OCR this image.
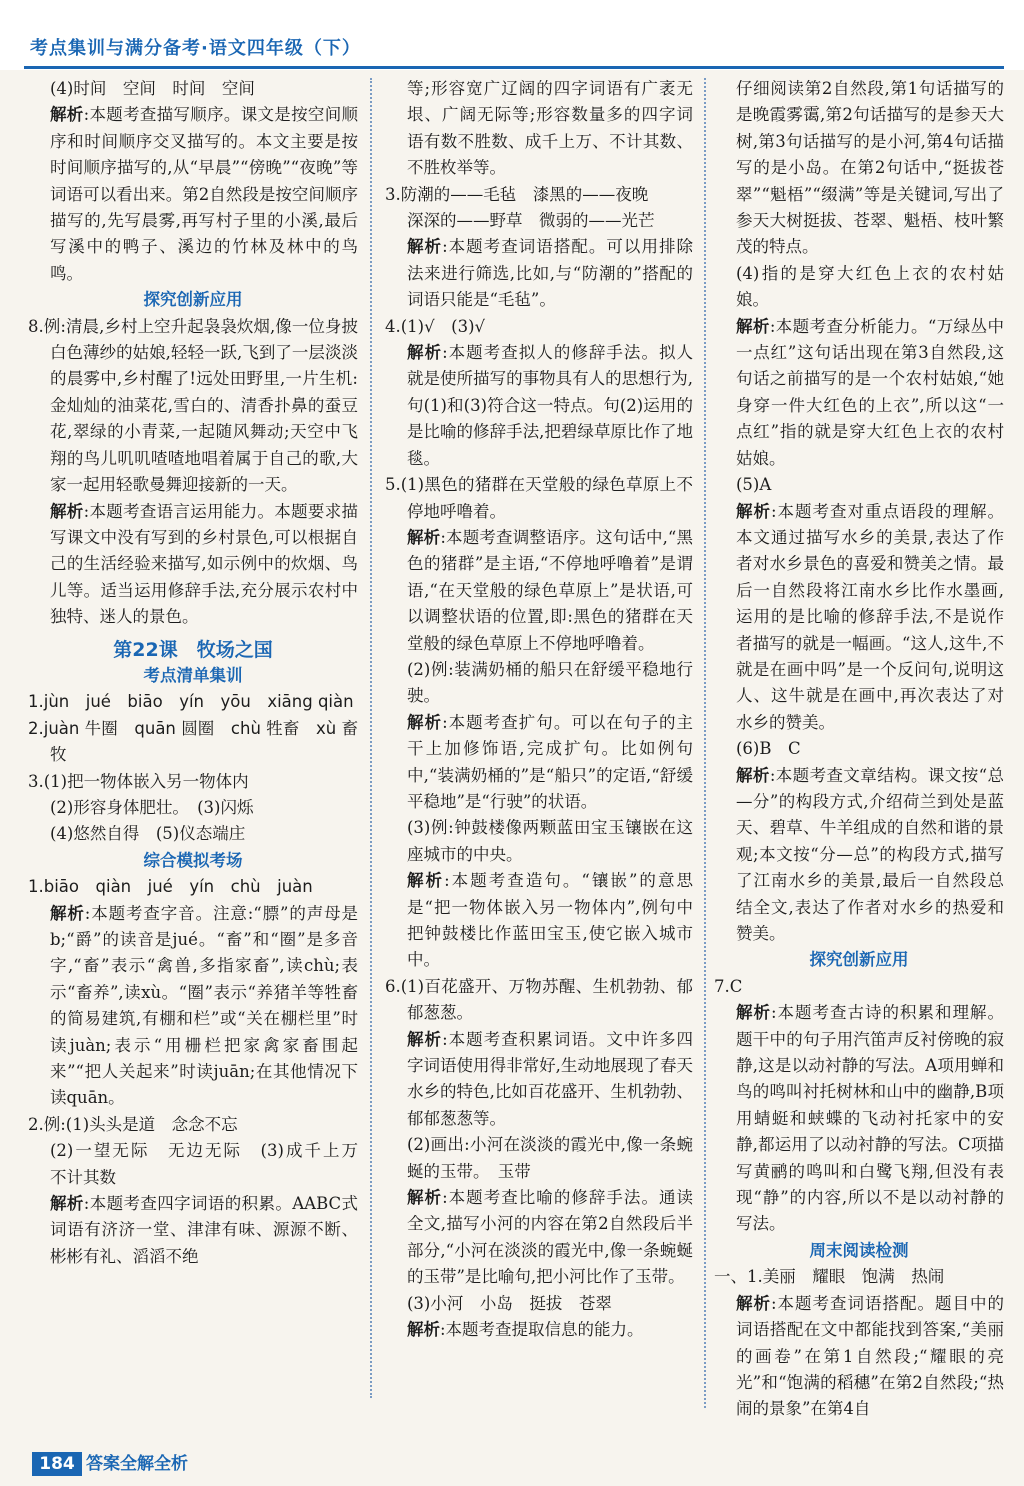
考点集训与满分备考·语文四年级（下）

(4)时间　空间　时间　空间

解析:本题考查描写顺序。课文是按空间顺序和时间顺序交叉描写的。本文主要是按时间顺序描写的,从“早晨”“傍晚”“夜晚”等词语可以看出来。第2自然段是按空间顺序描写的,先写晨雾,再写村子里的小溪,最后写溪中的鸭子、溪边的竹林及林中的鸟鸣。

探究创新应用

8.例:清晨,乡村上空升起袅袅炊烟,像一位身披白色薄纱的姑娘,轻轻一跃,飞到了一层淡淡的晨雾中,乡村醒了!远处田野里,一片生机:金灿灿的油菜花,雪白的、清香扑鼻的蚕豆花,翠绿的小青菜,一起随风舞动;天空中飞翔的鸟儿叽叽喳喳地唱着属于自己的歌,大家一起用轻歌曼舞迎接新的一天。

解析:本题考查语言运用能力。本题要求描写课文中没有写到的乡村景色,可以根据自己的生活经验来描写,如示例中的炊烟、鸟儿等。适当运用修辞手法,充分展示农村中独特、迷人的景色。

第22课　牧场之国

考点清单集训

1.jùn　jué　biāo　yín　yōu　xiāng qiàn

2.juàn 牛圈　quān 圆圈　chù 牲畜　xù 畜牧

3.(1)把一物体嵌入另一物体内

(2)形容身体肥壮。　(3)闪烁

(4)悠然自得　(5)仪态端庄

综合模拟考场

1.biāo　qiàn　jué　yín　chù　juàn

解析:本题考查字音。注意:“膘”的声母是b;“爵”的读音是jué。“畜”和“圈”是多音字,“畜”表示“禽兽,多指家畜”,读chù;表示“畜养”,读xù。“圈”表示“养猪羊等牲畜的简易建筑,有棚和栏”或“关在棚栏里”时读juàn;表示“用栅栏把家禽家畜围起来”“把人关起来”时读juān;在其他情况下读quān。

2.例:(1)头头是道　念念不忘

(2)一望无际　无边无际　(3)成千上万　不计其数

解析:本题考查四字词语的积累。AABC式词语有济济一堂、津津有味、源源不断、彬彬有礼、滔滔不绝

等;形容宽广辽阔的四字词语有广袤无垠、广阔无际等;形容数量多的四字词语有数不胜数、成千上万、不计其数、不胜枚举等。

3.防潮的——毛毡　漆黑的——夜晚

深深的——野草　微弱的——光芒

解析:本题考查词语搭配。可以用排除法来进行筛选,比如,与“防潮的”搭配的词语只能是“毛毡”。

4.(1)√　(3)√

解析:本题考查拟人的修辞手法。拟人就是使所描写的事物具有人的思想行为,句(1)和(3)符合这一特点。句(2)运用的是比喻的修辞手法,把碧绿草原比作了地毯。

5.(1)黑色的猪群在天堂般的绿色草原上不停地呼噜着。

解析:本题考查调整语序。这句话中,“黑色的猪群”是主语,“不停地呼噜着”是谓语,“在天堂般的绿色草原上”是状语,可以调整状语的位置,即:黑色的猪群在天堂般的绿色草原上不停地呼噜着。

(2)例:装满奶桶的船只在舒缓平稳地行驶。

解析:本题考查扩句。可以在句子的主干上加修饰语,完成扩句。比如例句中,“装满奶桶的”是“船只”的定语,“舒缓平稳地”是“行驶”的状语。

(3)例:钟鼓楼像两颗蓝田宝玉镶嵌在这座城市的中央。

解析:本题考查造句。“镶嵌”的意思是“把一物体嵌入另一物体内”,例句中把钟鼓楼比作蓝田宝玉,使它嵌入城市中。

6.(1)百花盛开、万物苏醒、生机勃勃、郁郁葱葱。

解析:本题考查积累词语。文中许多四字词语使用得非常好,生动地展现了春天水乡的特色,比如百花盛开、生机勃勃、郁郁葱葱等。

(2)画出:小河在淡淡的霞光中,像一条蜿蜒的玉带。　玉带

解析:本题考查比喻的修辞手法。通读全文,描写小河的内容在第2自然段后半部分,“小河在淡淡的霞光中,像一条蜿蜒的玉带”是比喻句,把小河比作了玉带。

(3)小河　小岛　挺拔　苍翠

解析:本题考查提取信息的能力。

仔细阅读第2自然段,第1句话描写的是晚霞雾霭,第2句话描写的是参天大树,第3句话描写的是小河,第4句话描写的是小岛。在第2句话中,“挺拔苍翠”“魁梧”“缀满”等是关键词,写出了参天大树挺拔、苍翠、魁梧、枝叶繁茂的特点。

(4)指的是穿大红色上衣的农村姑娘。

解析:本题考查分析能力。“万绿丛中一点红”这句话出现在第3自然段,这句话之前描写的是一个农村姑娘,“她身穿一件大红色的上衣”,所以这“一点红”指的就是穿大红色上衣的农村姑娘。

(5)A

解析:本题考查对重点语段的理解。本文通过描写水乡的美景,表达了作者对水乡景色的喜爱和赞美之情。最后一自然段将江南水乡比作水墨画,运用的是比喻的修辞手法,不是说作者描写的就是一幅画。“这人,这牛,不就是在画中吗”是一个反问句,说明这人、这牛就是在画中,再次表达了对水乡的赞美。

(6)B　C

解析:本题考查文章结构。课文按“总—分”的构段方式,介绍荷兰到处是蓝天、碧草、牛羊组成的自然和谐的景观;本文按“分—总”的构段方式,描写了江南水乡的美景,最后一自然段总结全文,表达了作者对水乡的热爱和赞美。

探究创新应用

7.C

解析:本题考查古诗的积累和理解。题干中的句子用汽笛声反衬傍晚的寂静,这是以动衬静的写法。A项用蝉和鸟的鸣叫衬托树林和山中的幽静,B项用蜻蜓和蛱蝶的飞动衬托家中的安静,都运用了以动衬静的写法。C项描写黄鹂的鸣叫和白鹭飞翔,但没有表现“静”的内容,所以不是以动衬静的写法。

周末阅读检测

一、1.美丽　耀眼　饱满　热闹

解析:本题考查词语搭配。题目中的词语搭配在文中都能找到答案,“美丽的画卷”在第1自然段;“耀眼的亮光”和“饱满的稻穗”在第2自然段;“热闹的景象”在第4自

184 答案全解全析
